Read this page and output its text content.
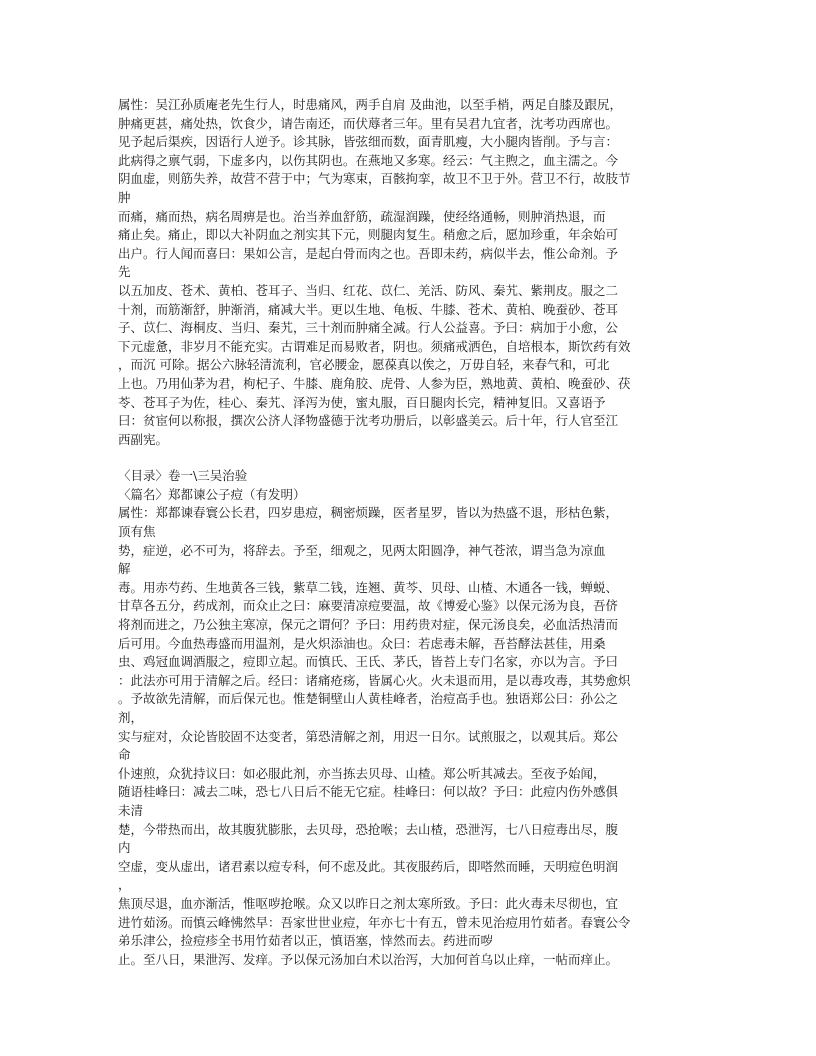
属性：吴江孙质庵老先生行人，时患痛风，两手自肩 及曲池，以至手梢，两足自膝及跟尻，
肿痛更甚，痛处热，饮食少，请告南还，而伏蓐者三年。里有吴君九宜者，沈考功西席也。
见予起后渠疾，因语行人逆予。诊其脉，皆弦细而数，面青肌瘦，大小腿肉皆削。予与言：
此病得之禀气弱，下虚多内，以伤其阴也。在燕地又多寒。经云：气主煦之，血主濡之。今
阴血虚，则筋失养，故营不营于中；气为寒束，百骸拘挛，故卫不卫于外。营卫不行，故肢节
肿
而痛，痛而热，病名周痹是也。治当养血舒筋，疏湿润躁，使经络通畅，则肿消热退，而
痛止矣。痛止，即以大补阴血之剂实其下元，则腿肉复生。稍愈之后，愿加珍重，年余始可
出户。行人闻而喜曰：果如公言，是起白骨而肉之也。吾即未药，病似半去，惟公命剂。予
先
以五加皮、苍术、黄柏、苍耳子、当归、红花、苡仁、羌活、防风、秦艽、紫荆皮。服之二
十剂，而筋渐舒，肿渐消，痛减大半。更以生地、龟板、牛膝、苍术、黄柏、晚蚕砂、苍耳
子、苡仁、海桐皮、当归、秦艽，三十剂而肿痛全减。行人公益喜。予曰：病加于小愈，公
下元虚惫，非岁月不能充实。古谓难足而易败者，阴也。须痛戒洒色，自培根本，斯饮药有效
，而沉 可除。据公六脉轻清流利，官必腰金，愿葆真以俟之，万毋自轻，来春气和，可北
上也。乃用仙茅为君，枸杞子、牛膝、鹿角胶、虎骨、人参为臣，熟地黄、黄柏、晚蚕砂、茯
苓、苍耳子为佐，桂心、秦艽、泽泻为使，蜜丸服，百日腿肉长完，精神复旧。又喜语予
曰：贫宦何以称报，撰次公济人泽物盛德于沈考功册后，以彰盛美云。后十年，行人官至江
西副宪。
〈目录〉卷一\三吴治验
〈篇名〉郑都谏公子痘（有发明）
属性：郑都谏春寰公长君，四岁患痘，稠密烦躁，医者星罗，皆以为热盛不退，形枯色紫，
顶有焦
势，症逆，必不可为，将辞去。予至，细观之，见两太阳圆净，神气苍浓，谓当急为凉血
解
毒。用赤芍药、生地黄各三钱，紫草二钱，连翘、黄芩、贝母、山楂、木通各一钱，蝉蜕、
甘草各五分，药成剂，而众止之曰：麻要清凉痘要温，故《博爱心鉴》以保元汤为良，吾侪
将剂而进之，乃公独主寒凉，保元之谓何？予曰：用药贵对症，保元汤良矣，必血活热清而
后可用。今血热毒盛而用温剂，是火炽添油也。众曰：若虑毒未解，吾苔酵法甚佳，用桑
虫、鸡冠血调酒服之，痘即立起。而慎氏、王氏、茅氏，皆苔上专门名家，亦以为言。予曰
：此法亦可用于清解之后。经曰：诸痛疮疡，皆属心火。火未退而用，是以毒攻毒，其势愈炽
。予故欲先清解，而后保元也。惟楚铜壁山人黄桂峰者，治痘高手也。独语郑公曰：孙公之
剂，
实与症对，众论皆胶固不达变者，第恐清解之剂，用迟一日尔。试煎服之，以观其后。郑公
命
仆速煎，众犹持议曰：如必服此剂，亦当拣去贝母、山楂。郑公听其减去。至夜予始闻，
随语桂峰曰：减去二味，恐七八日后不能无它症。桂峰曰：何以故？予曰：此痘内伤外感俱
未清
楚，今带热而出，故其腹犹膨胀，去贝母，恐抢喉；去山楂，恐泄泻，七八日痘毒出尽，腹
内
空虚，变从虚出，诸君素以痘专科，何不虑及此。其夜服药后，即嗒然而睡，天明痘色明润
，
焦顶尽退，血亦渐活，惟呕哕抢喉。众又以昨日之剂太寒所致。予曰：此火毒未尽彻也，宜
进竹茹汤。而慎云峰怫然早：吾家世世业痘，年亦七十有五，曾未见治痘用竹茹者。春寰公令
弟乐津公，捡痘疹全书用竹茹者以正，慎语塞，悻然而去。药进而哕
止。至八日，果泄泻、发痒。予以保元汤加白术以治泻，大加何首乌以止痒，一帖而痒止。
